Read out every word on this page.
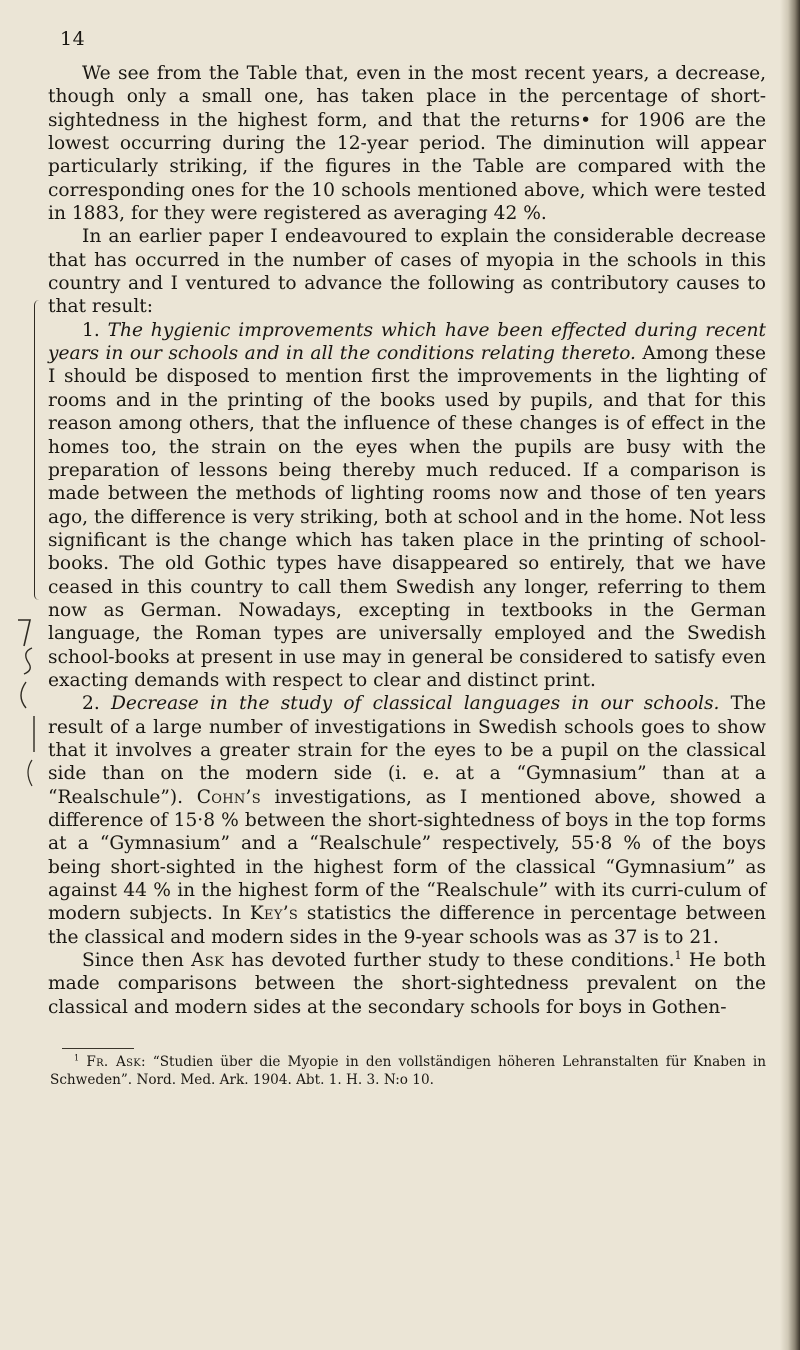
14

We see from the Table that, even in the most recent years, a decrease, though only a small one, has taken place in the percentage of short-sightedness in the highest form, and that the returns• for 1906 are the lowest occurring during the 12-year period. The diminution will appear particularly striking, if the figures in the Table are compared with the corresponding ones for the 10 schools mentioned above, which were tested in 1883, for they were registered as averaging 42 %.

In an earlier paper I endeavoured to explain the considerable decrease that has occurred in the number of cases of myopia in the schools in this country and I ventured to advance the following as contributory causes to that result:

1. The hygienic improvements which have been effected during recent years in our schools and in all the conditions relating thereto. Among these I should be disposed to mention first the improvements in the lighting of rooms and in the printing of the books used by pupils, and that for this reason among others, that the influence of these changes is of effect in the homes too, the strain on the eyes when the pupils are busy with the preparation of lessons being thereby much reduced. If a comparison is made between the methods of lighting rooms now and those of ten years ago, the difference is very striking, both at school and in the home. Not less significant is the change which has taken place in the printing of school-books. The old Gothic types have disappeared so entirely, that we have ceased in this country to call them Swedish any longer, referring to them now as German. Nowadays, excepting in textbooks in the German language, the Roman types are universally employed and the Swedish school-books at present in use may in general be considered to satisfy even exacting demands with respect to clear and distinct print.

2. Decrease in the study of classical languages in our schools. The result of a large number of investigations in Swedish schools goes to show that it involves a greater strain for the eyes to be a pupil on the classical side than on the modern side (i. e. at a “Gymnasium” than at a “Realschule”). Cohn’s investigations, as I mentioned above, showed a difference of 15·8 % between the short-sightedness of boys in the top forms at a “Gymnasium” and a “Realschule” respectively, 55·8 % of the boys being short-sighted in the highest form of the classical “Gymnasium” as against 44 % in the highest form of the “Realschule” with its curri-culum of modern subjects. In Key’s statistics the difference in percentage between the classical and modern sides in the 9-year schools was as 37 is to 21.

Since then Ask has devoted further study to these conditions.$^1$ He both made comparisons between the short-sightedness prevalent on the classical and modern sides at the secondary schools for boys in Gothen-

$^1$ Fr. Ask: “Studien über die Myopie in den vollständigen höheren Lehranstalten für Knaben in Schweden”. Nord. Med. Ark. 1904. Abt. 1. H. 3. N:o 10.
